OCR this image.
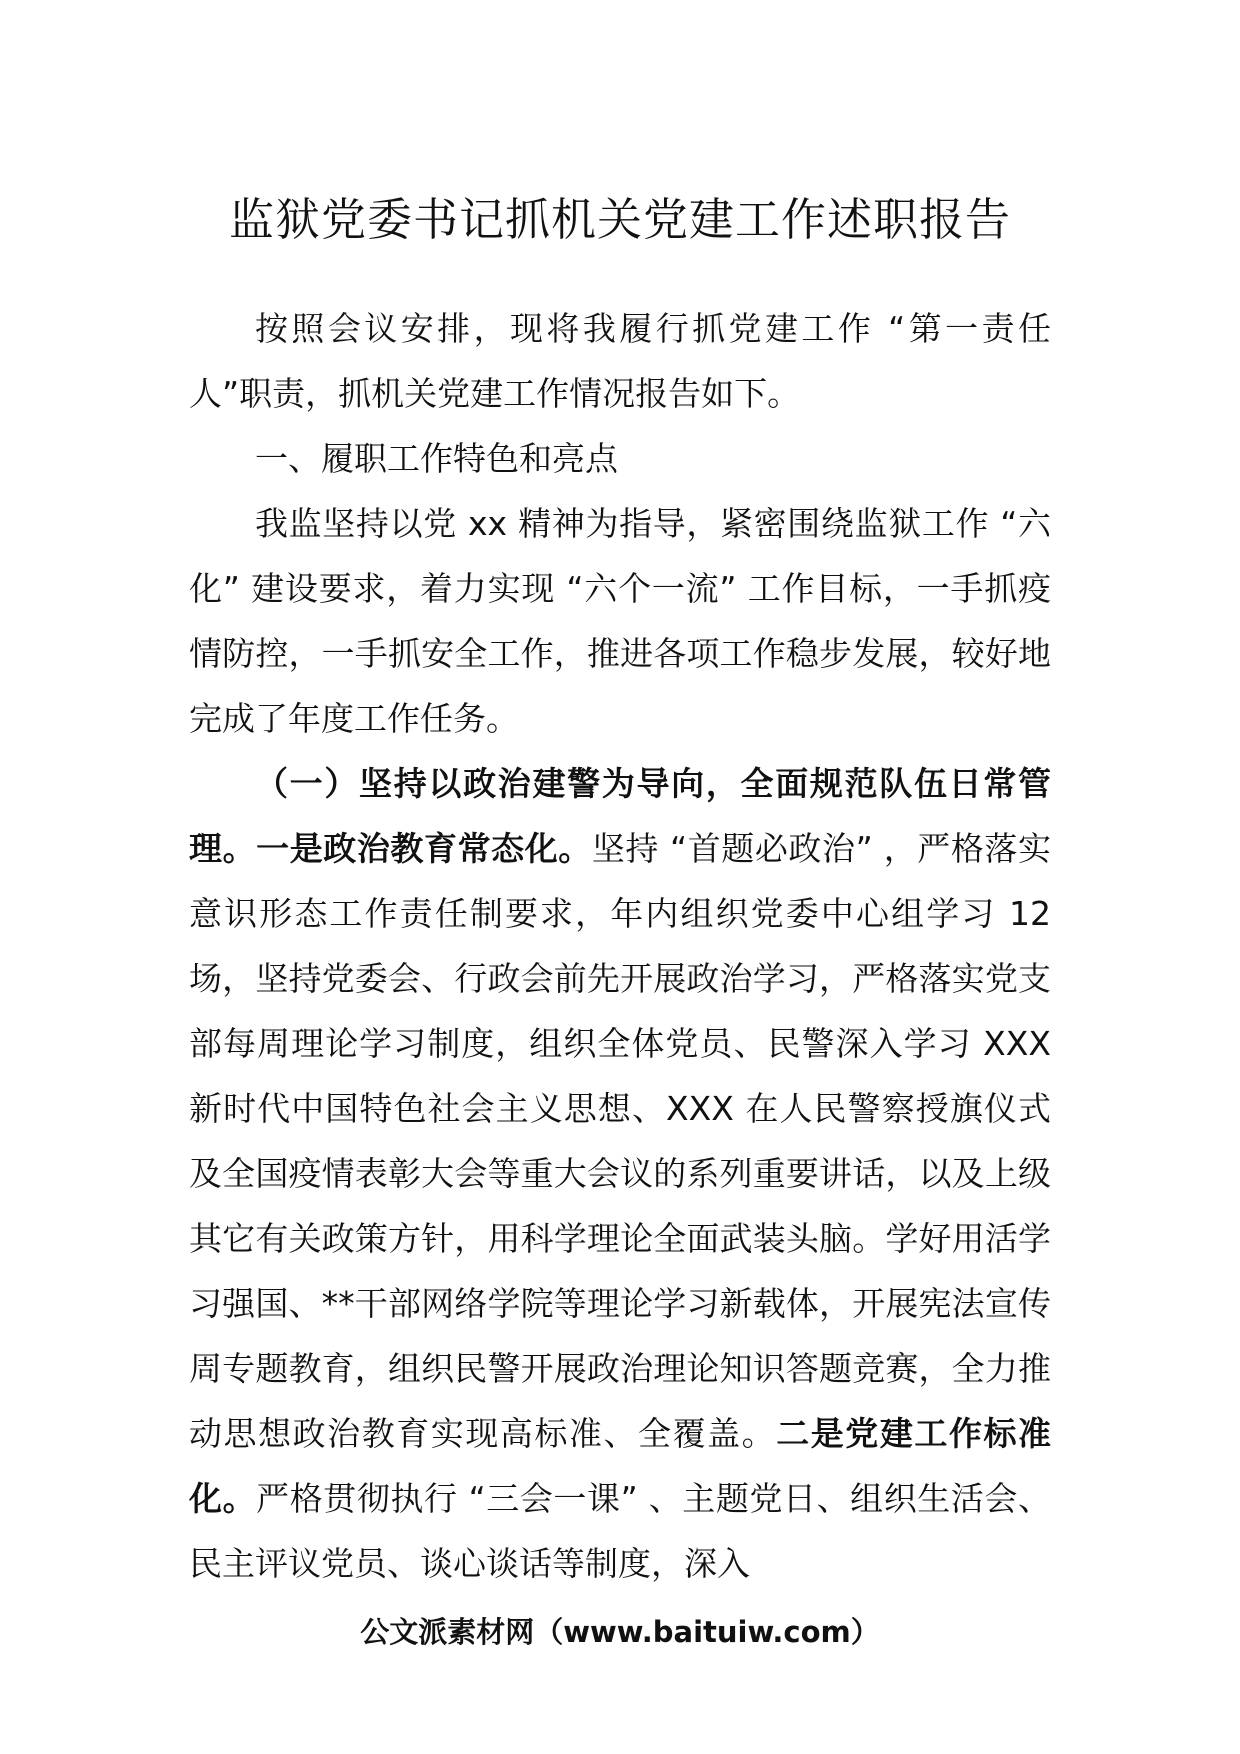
监狱党委书记抓机关党建工作述职报告

按照会议安排，现将我履行抓党建工作 “第一责任人”职责，抓机关党建工作情况报告如下。

一、履职工作特色和亮点

我监坚持以党 xx 精神为指导，紧密围绕监狱工作 “六化” 建设要求，着力实现 “六个一流” 工作目标，一手抓疫情防控，一手抓安全工作，推进各项工作稳步发展，较好地完成了年度工作任务。

（一）坚持以政治建警为导向，全面规范队伍日常管理。一是政治教育常态化。坚持 “首题必政治” ，严格落实意识形态工作责任制要求，年内组织党委中心组学习 12 场，坚持党委会、行政会前先开展政治学习，严格落实党支部每周理论学习制度，组织全体党员、民警深入学习 XXX 新时代中国特色社会主义思想、XXX 在人民警察授旗仪式及全国疫情表彰大会等重大会议的系列重要讲话，以及上级其它有关政策方针，用科学理论全面武装头脑。学好用活学习强国、**干部网络学院等理论学习新载体，开展宪法宣传周专题教育，组织民警开展政治理论知识答题竞赛，全力推动思想政治教育实现高标准、全覆盖。二是党建工作标准化。严格贯彻执行 “三会一课” 、主题党日、组织生活会、民主评议党员、谈心谈话等制度，深入

公文派素材网（www.baituiw.com）
